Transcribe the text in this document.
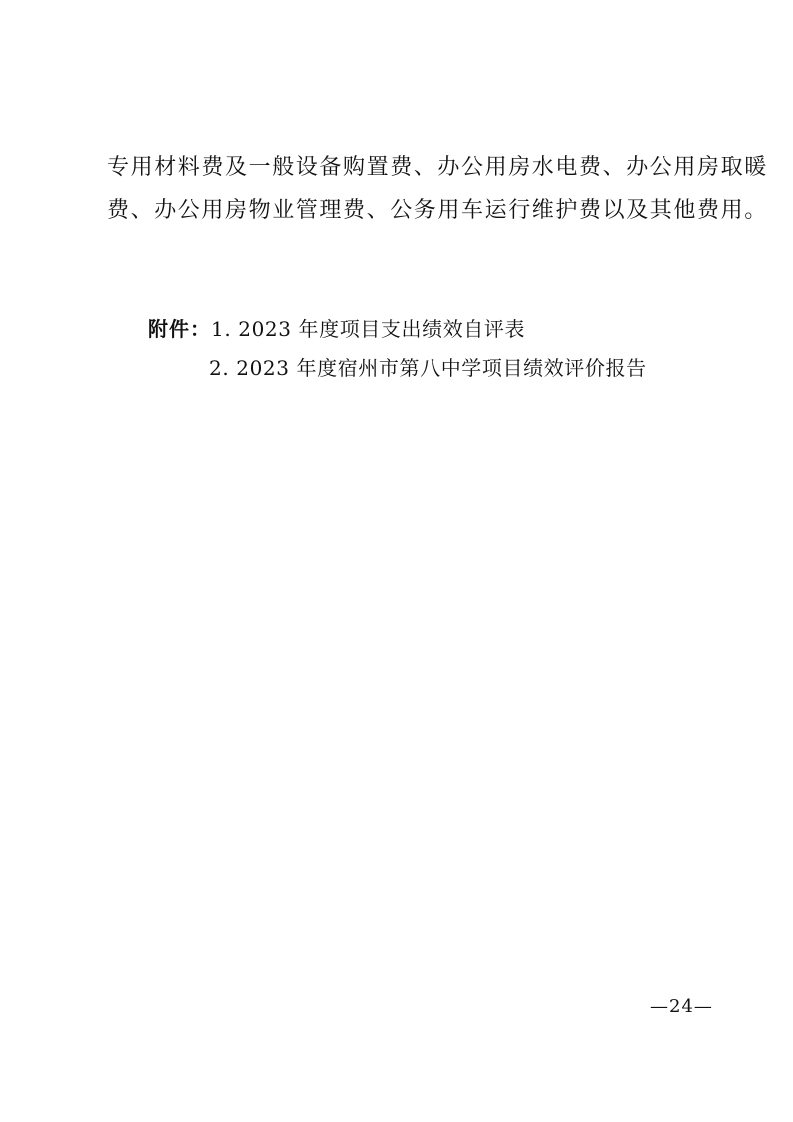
专用材料费及一般设备购置费、办公用房水电费、办公用房取暖
费、办公用房物业管理费、公务用车运行维护费以及其他费用。
附件：1. 2023 年度项目支出绩效自评表
2. 2023 年度宿州市第八中学项目绩效评价报告
—24—
